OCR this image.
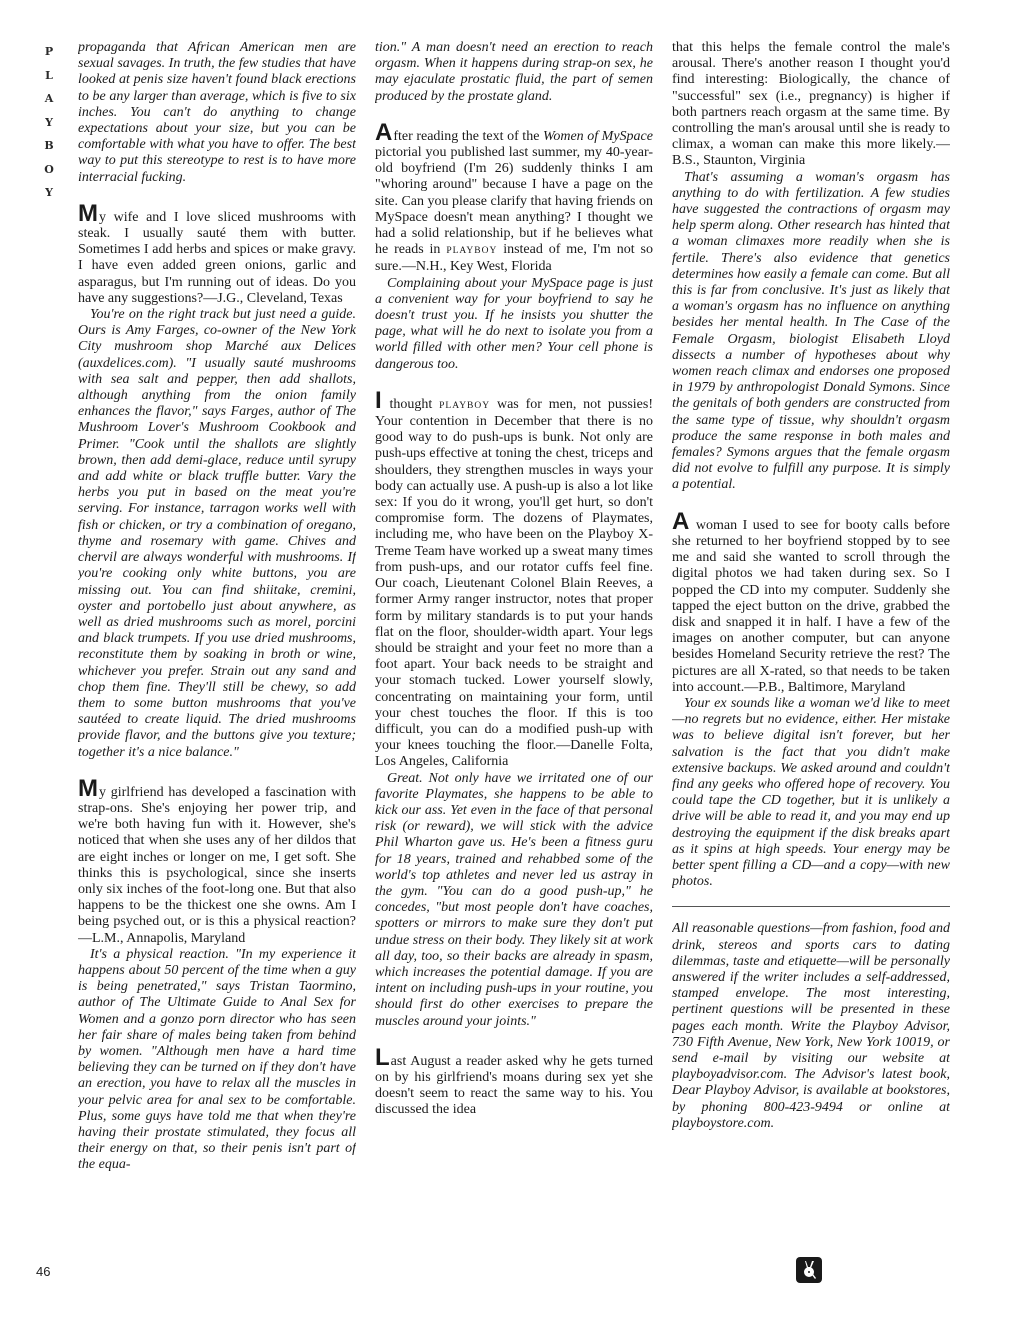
P
L
A
Y
B
O
Y

propaganda that African American men are sexual savages. In truth, the few studies that have looked at penis size haven't found black erections to be any larger than average, which is five to six inches. You can't do anything to change expectations about your size, but you can be comfortable with what you have to offer. The best way to put this stereotype to rest is to have more interracial fucking.

My wife and I love sliced mushrooms with steak. I usually sauté them with butter. Sometimes I add herbs and spices or make gravy. I have even added green onions, garlic and asparagus, but I'm running out of ideas. Do you have any suggestions?—J.G., Cleveland, Texas

You're on the right track but just need a guide. Ours is Amy Farges, co-owner of the New York City mushroom shop Marché aux Delices (auxdelices.com). "I usually sauté mushrooms with sea salt and pepper, then add shallots, although anything from the onion family enhances the flavor," says Farges, author of The Mushroom Lover's Mushroom Cookbook and Primer. "Cook until the shallots are slightly brown, then add demi-glace, reduce until syrupy and add white or black truffle butter. Vary the herbs you put in based on the meat you're serving. For instance, tarragon works well with fish or chicken, or try a combination of oregano, thyme and rosemary with game. Chives and chervil are always wonderful with mushrooms. If you're cooking only white buttons, you are missing out. You can find shiitake, cremini, oyster and portobello just about anywhere, as well as dried mushrooms such as morel, porcini and black trumpets. If you use dried mushrooms, reconstitute them by soaking in broth or wine, whichever you prefer. Strain out any sand and chop them fine. They'll still be chewy, so add them to some button mushrooms that you've sautéed to create liquid. The dried mushrooms provide flavor, and the buttons give you texture; together it's a nice balance."

My girlfriend has developed a fascination with strap-ons. She's enjoying her power trip, and we're both having fun with it. However, she's noticed that when she uses any of her dildos that are eight inches or longer on me, I get soft. She thinks this is psychological, since she inserts only six inches of the foot-long one. But that also happens to be the thickest one she owns. Am I being psyched out, or is this a physical reaction?—L.M., Annapolis, Maryland

It's a physical reaction. "In my experience it happens about 50 percent of the time when a guy is being penetrated," says Tristan Taormino, author of The Ultimate Guide to Anal Sex for Women and a gonzo porn director who has seen her fair share of males being taken from behind by women. "Although men have a hard time believing they can be turned on if they don't have an erection, you have to relax all the muscles in your pelvic area for anal sex to be comfortable. Plus, some guys have told me that when they're having their prostate stimulated, they focus all their energy on that, so their penis isn't part of the equa-

tion." A man doesn't need an erection to reach orgasm. When it happens during strap-on sex, he may ejaculate prostatic fluid, the part of semen produced by the prostate gland.

After reading the text of the Women of MySpace pictorial you published last summer, my 40-year-old boyfriend (I'm 26) suddenly thinks I am "whoring around" because I have a page on the site. Can you please clarify that having friends on MySpace doesn't mean anything? I thought we had a solid relationship, but if he believes what he reads in PLAYBOY instead of me, I'm not so sure.—N.H., Key West, Florida

Complaining about your MySpace page is just a convenient way for your boyfriend to say he doesn't trust you. If he insists you shutter the page, what will he do next to isolate you from a world filled with other men? Your cell phone is dangerous too.

I thought PLAYBOY was for men, not pussies! Your contention in December that there is no good way to do push-ups is bunk. Not only are push-ups effective at toning the chest, triceps and shoulders, they strengthen muscles in ways your body can actually use. A push-up is also a lot like sex: If you do it wrong, you'll get hurt, so don't compromise form. The dozens of Playmates, including me, who have been on the Playboy X-Treme Team have worked up a sweat many times from push-ups, and our rotator cuffs feel fine. Our coach, Lieutenant Colonel Blain Reeves, a former Army ranger instructor, notes that proper form by military standards is to put your hands flat on the floor, shoulder-width apart. Your legs should be straight and your feet no more than a foot apart. Your back needs to be straight and your stomach tucked. Lower yourself slowly, concentrating on maintaining your form, until your chest touches the floor. If this is too difficult, you can do a modified push-up with your knees touching the floor.—Danelle Folta, Los Angeles, California

Great. Not only have we irritated one of our favorite Playmates, she happens to be able to kick our ass. Yet even in the face of that personal risk (or reward), we will stick with the advice Phil Wharton gave us. He's been a fitness guru for 18 years, trained and rehabbed some of the world's top athletes and never led us astray in the gym. "You can do a good push-up," he concedes, "but most people don't have coaches, spotters or mirrors to make sure they don't put undue stress on their body. They likely sit at work all day, too, so their backs are already in spasm, which increases the potential damage. If you are intent on including push-ups in your routine, you should first do other exercises to prepare the muscles around your joints."

Last August a reader asked why he gets turned on by his girlfriend's moans during sex yet she doesn't seem to react the same way to his. You discussed the idea

that this helps the female control the male's arousal. There's another reason I thought you'd find interesting: Biologically, the chance of "successful" sex (i.e., pregnancy) is higher if both partners reach orgasm at the same time. By controlling the man's arousal until she is ready to climax, a woman can make this more likely.—B.S., Staunton, Virginia

That's assuming a woman's orgasm has anything to do with fertilization. A few studies have suggested the contractions of orgasm may help sperm along. Other research has hinted that a woman climaxes more readily when she is fertile. There's also evidence that genetics determines how easily a female can come. But all this is far from conclusive. It's just as likely that a woman's orgasm has no influence on anything besides her mental health. In The Case of the Female Orgasm, biologist Elisabeth Lloyd dissects a number of hypotheses about why women reach climax and endorses one proposed in 1979 by anthropologist Donald Symons. Since the genitals of both genders are constructed from the same type of tissue, why shouldn't orgasm produce the same response in both males and females? Symons argues that the female orgasm did not evolve to fulfill any purpose. It is simply a potential.

A woman I used to see for booty calls before she returned to her boyfriend stopped by to see me and said she wanted to scroll through the digital photos we had taken during sex. So I popped the CD into my computer. Suddenly she tapped the eject button on the drive, grabbed the disk and snapped it in half. I have a few of the images on another computer, but can anyone besides Homeland Security retrieve the rest? The pictures are all X-rated, so that needs to be taken into account.—P.B., Baltimore, Maryland

Your ex sounds like a woman we'd like to meet—no regrets but no evidence, either. Her mistake was to believe digital isn't forever, but her salvation is the fact that you didn't make extensive backups. We asked around and couldn't find any geeks who offered hope of recovery. You could tape the CD together, but it is unlikely a drive will be able to read it, and you may end up destroying the equipment if the disk breaks apart as it spins at high speeds. Your energy may be better spent filling a CD—and a copy—with new photos.

All reasonable questions—from fashion, food and drink, stereos and sports cars to dating dilemmas, taste and etiquette—will be personally answered if the writer includes a self-addressed, stamped envelope. The most interesting, pertinent questions will be presented in these pages each month. Write the Playboy Advisor, 730 Fifth Avenue, New York, New York 10019, or send e-mail by visiting our website at playboyadvisor.com. The Advisor's latest book, Dear Playboy Advisor, is available at bookstores, by phoning 800-423-9494 or online at playboystore.com.

46
